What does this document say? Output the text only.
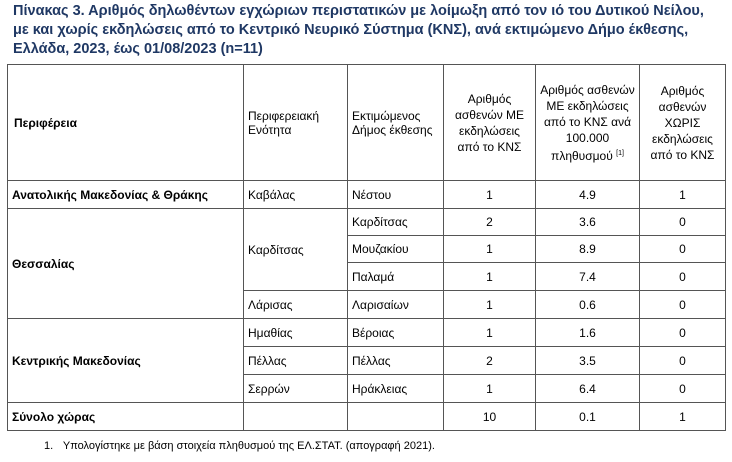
Πίνακας 3. Αριθμός δηλωθέντων εγχώριων περιστατικών με λοίμωξη από τον ιό του Δυτικού Νείλου, με και χωρίς εκδηλώσεις από το Κεντρικό Νευρικό Σύστημα (ΚΝΣ), ανά εκτιμώμενο Δήμο έκθεσης, Ελλάδα, 2023, έως 01/08/2023 (n=11)
Περιφέρεια	Περιφερειακή Ενότητα	Εκτιμώμενος Δήμος έκθεσης	Αριθμός ασθενών ΜΕ εκδηλώσεις από το ΚΝΣ	Αριθμός ασθενών ΜΕ εκδηλώσεις από το ΚΝΣ ανά 100.000 πληθυσμού [1]	Αριθμός ασθενών ΧΩΡΙΣ εκδηλώσεις από το ΚΝΣ
Ανατολικής Μακεδονίας & Θράκης	Καβάλας	Νέστου	1	4.9	1
Θεσσαλίας	Καρδίτσας	Καρδίτσας	2	3.6	0
		Μουζακίου	1	8.9	0
		Παλαμά	1	7.4	0
	Λάρισας	Λαρισαίων	1	0.6	0
Κεντρικής Μακεδονίας	Ημαθίας	Βέροιας	1	1.6	0
	Πέλλας	Πέλλας	2	3.5	0
	Σερρών	Ηράκλειας	1	6.4	0
Σύνολο χώρας			10	0.1	1
1. Υπολογίστηκε με βάση στοιχεία πληθυσμού της ΕΛ.ΣΤΑΤ. (απογραφή 2021).
